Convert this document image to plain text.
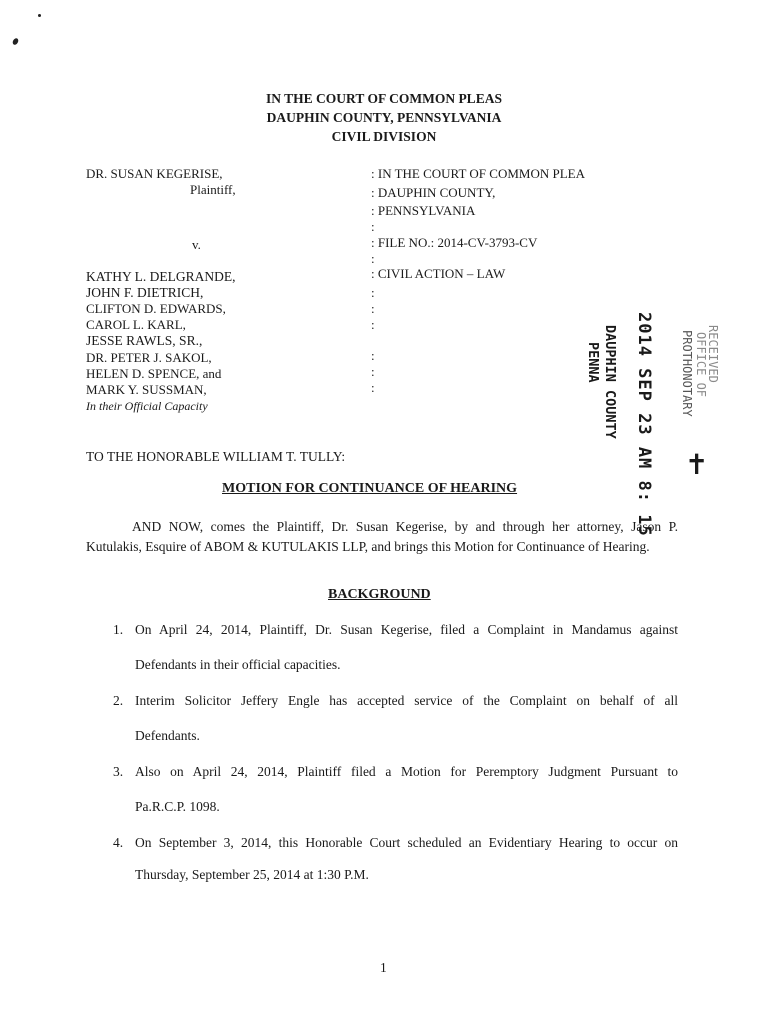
IN THE COURT OF COMMON PLEAS
DAUPHIN COUNTY, PENNSYLVANIA
CIVIL DIVISION
DR. SUSAN KEGERISE,
Plaintiff,
v.
KATHY L. DELGRANDE,
JOHN F. DIETRICH,
CLIFTON D. EDWARDS,
CAROL L. KARL,
JESSE RAWLS, SR.,
DR. PETER J. SAKOL,
HELEN D. SPENCE, and
MARK Y. SUSSMAN,
In their Official Capacity
: IN THE COURT OF COMMON PLEA
: DAUPHIN COUNTY,
: PENNSYLVANIA
:
: FILE NO.: 2014-CV-3793-CV
:
: CIVIL ACTION – LAW
:
:
:
:
:
:	2014 SEP 23 AM 8: 15
DAUPHIN COUNTY
PENNA	RECEIVED
OFFICE OF
PROTHONOTARY
✝
TO THE HONORABLE WILLIAM T. TULLY:
MOTION FOR CONTINUANCE OF HEARING
AND NOW, comes the Plaintiff, Dr. Susan Kegerise, by and through her attorney, Jason P. Kutulakis, Esquire of ABOM & KUTULAKIS LLP, and brings this Motion for Continuance of Hearing.
BACKGROUND
1. On April 24, 2014, Plaintiff, Dr. Susan Kegerise, filed a Complaint in Mandamus against
Defendants in their official capacities.
2. Interim Solicitor Jeffery Engle has accepted service of the Complaint on behalf of all
Defendants.
3. Also on April 24, 2014, Plaintiff filed a Motion for Peremptory Judgment Pursuant to
Pa.R.C.P. 1098.
4. On September 3, 2014, this Honorable Court scheduled an Evidentiary Hearing to occur on
Thursday, September 25, 2014 at 1:30 P.M.
1
